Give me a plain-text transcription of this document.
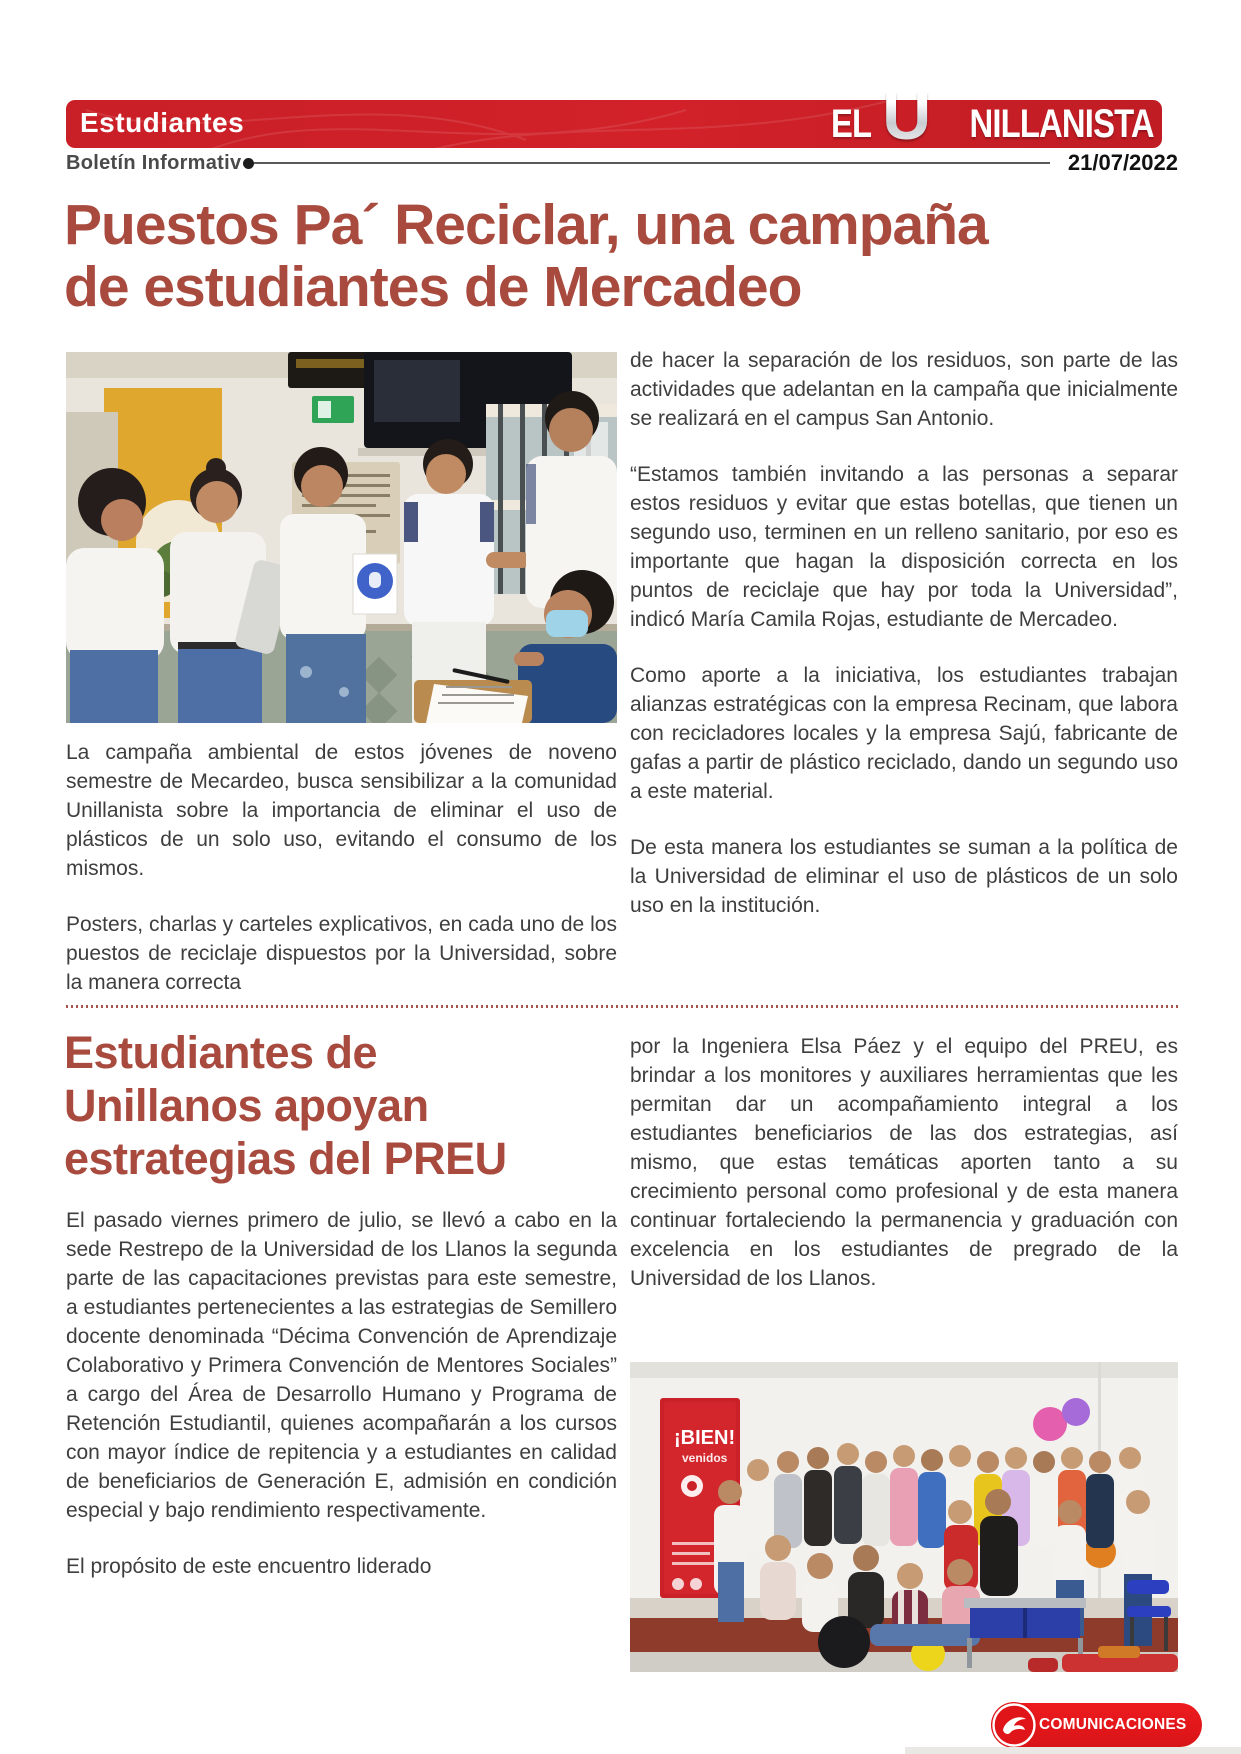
Estudiantes	EL U NILLANISTA
Boletín Informativ	21/07/2022
Puestos Pa´ Reciclar, una campaña
de estudiantes de Mercadeo

La campaña ambiental de estos jóvenes de noveno semestre de Mecardeo, busca sensibilizar a la comunidad Unillanista sobre la importancia de eliminar el uso de plásticos de un solo uso, evitando el consumo de los mismos.

Posters, charlas y carteles explicativos, en cada uno de los puestos de reciclaje dispuestos por la Universidad, sobre la manera correcta

de hacer la separación de los residuos, son parte de las actividades que adelantan en la campaña que inicialmente se realizará en el campus San Antonio.

“Estamos también invitando a las personas a separar estos residuos y evitar que estas botellas, que tienen un segundo uso, terminen en un relleno sanitario, por eso es importante que hagan la disposición correcta en los puntos de reciclaje que hay por toda la Universidad”, indicó María Camila Rojas, estudiante de Mercadeo.

Como aporte a la iniciativa, los estudiantes trabajan alianzas estratégicas con la empresa Recinam, que labora con recicladores locales y la empresa Sajú, fabricante de gafas a partir de plástico reciclado, dando un segundo uso a este material.

De esta manera los estudiantes se suman a la política de la Universidad de eliminar el uso de plásticos de un solo uso en la institución.

Estudiantes de
Unillanos apoyan
estrategias del PREU

El pasado viernes primero de julio, se llevó a cabo en la sede Restrepo de la Universidad de los Llanos la segunda parte de las capacitaciones previstas para este semestre, a estudiantes pertenecientes a las estrategias de Semillero docente denominada “Décima Convención de Aprendizaje Colaborativo y Primera Convención de Mentores Sociales” a cargo del Área de Desarrollo Humano y Programa de Retención Estudiantil, quienes acompañarán a los cursos con mayor índice de repitencia y a estudiantes en calidad de beneficiarios de Generación E, admisión en condición especial y bajo rendimiento respectivamente.

El propósito de este encuentro liderado

por la Ingeniera Elsa Páez y el equipo del PREU, es brindar a los monitores y auxiliares herramientas que les permitan dar un acompañamiento integral a los estudiantes beneficiarios de las dos estrategias, así mismo, que estas temáticas aporten tanto a su crecimiento personal como profesional y de esta manera continuar fortaleciendo la permanencia y graduación con excelencia en los estudiantes de pregrado de la Universidad de los Llanos.

¡BIEN!
venidos
COMUNICACIONES
